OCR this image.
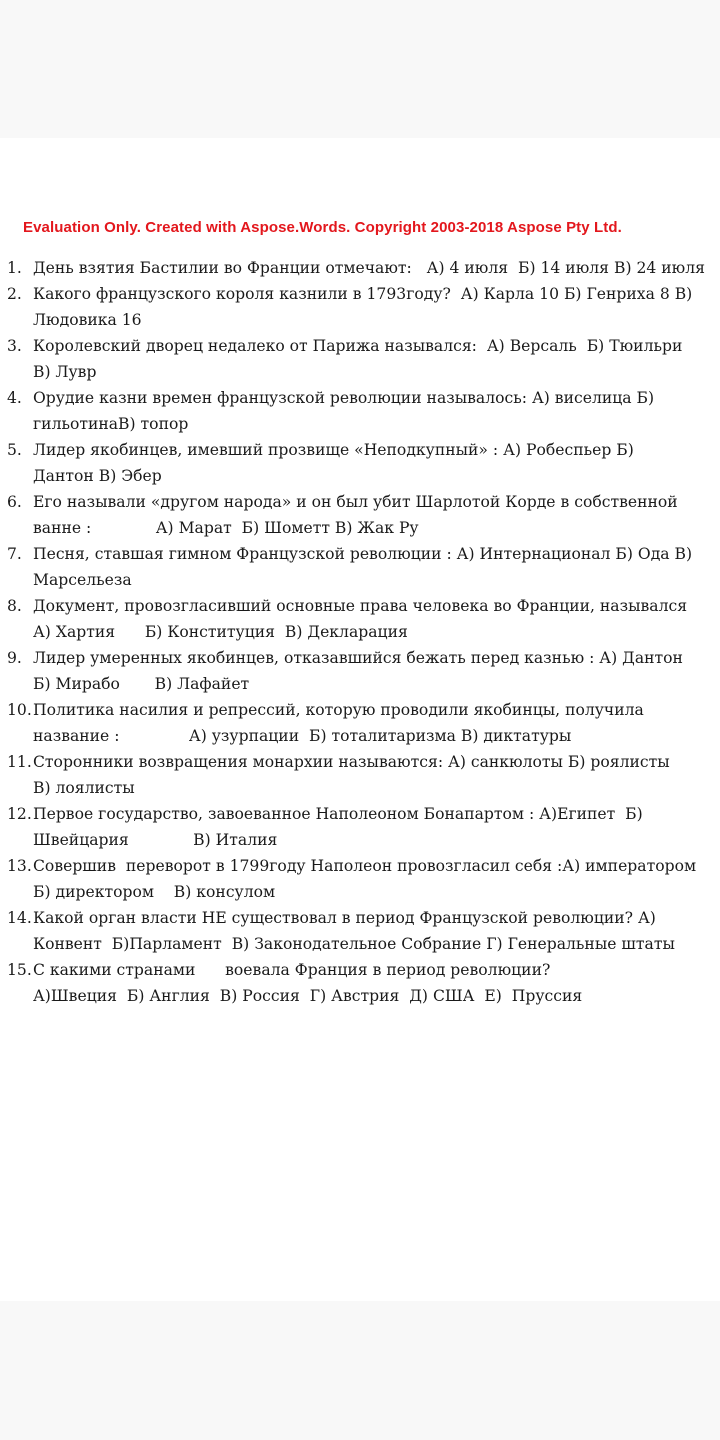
Evaluation Only. Created with Aspose.Words. Copyright 2003-2018 Aspose Pty Ltd.
1. День взятия Бастилии во Франции отмечают:   А) 4 июля  Б) 14 июля В) 24 июля
2. Какого французского короля казнили в 1793году?  А) Карла 10 Б) Генриха 8 В)
Людовика 16
3. Королевский дворец недалеко от Парижа назывался:  А) Версаль  Б) Тюильри
В) Лувр
4. Орудие казни времен французской революции называлось: А) виселица Б)
гильотинаВ) топор
5. Лидер якобинцев, имевший прозвище «Неподкупный» : А) Робеспьер Б)
Дантон В) Эбер
6. Его называли «другом народа» и он был убит Шарлотой Корде в собственной
ванне :             А) Марат  Б) Шометт В) Жак Ру
7. Песня, ставшая гимном Французской революции : А) Интернационал Б) Ода В)
Марсельеза
8. Документ, провозгласивший основные права человека во Франции, назывался
А) Хартия      Б) Конституция  В) Декларация
9. Лидер умеренных якобинцев, отказавшийся бежать перед казнью : А) Дантон
Б) Мирабо       В) Лафайет
10. Политика насилия и репрессий, которую проводили якобинцы, получила
название :              А) узурпации  Б) тоталитаризма В) диктатуры
11. Сторонники возвращения монархии называются: А) санкюлоты Б) роялисты
В) лоялисты
12. Первое государство, завоеванное Наполеоном Бонапартом : А)Египет  Б)
Швейцария             В) Италия
13. Совершив  переворот в 1799году Наполеон провозгласил себя :А) императором
Б) директором    В) консулом
14. Какой орган власти НЕ существовал в период Французской революции? А)
Конвент  Б)Парламент  В) Законодательное Собрание Г) Генеральные штаты
15. С какими странами      воевала Франция в период революции?
А)Швеция  Б) Англия  В) Россия  Г) Австрия  Д) США  Е)  Пруссия
